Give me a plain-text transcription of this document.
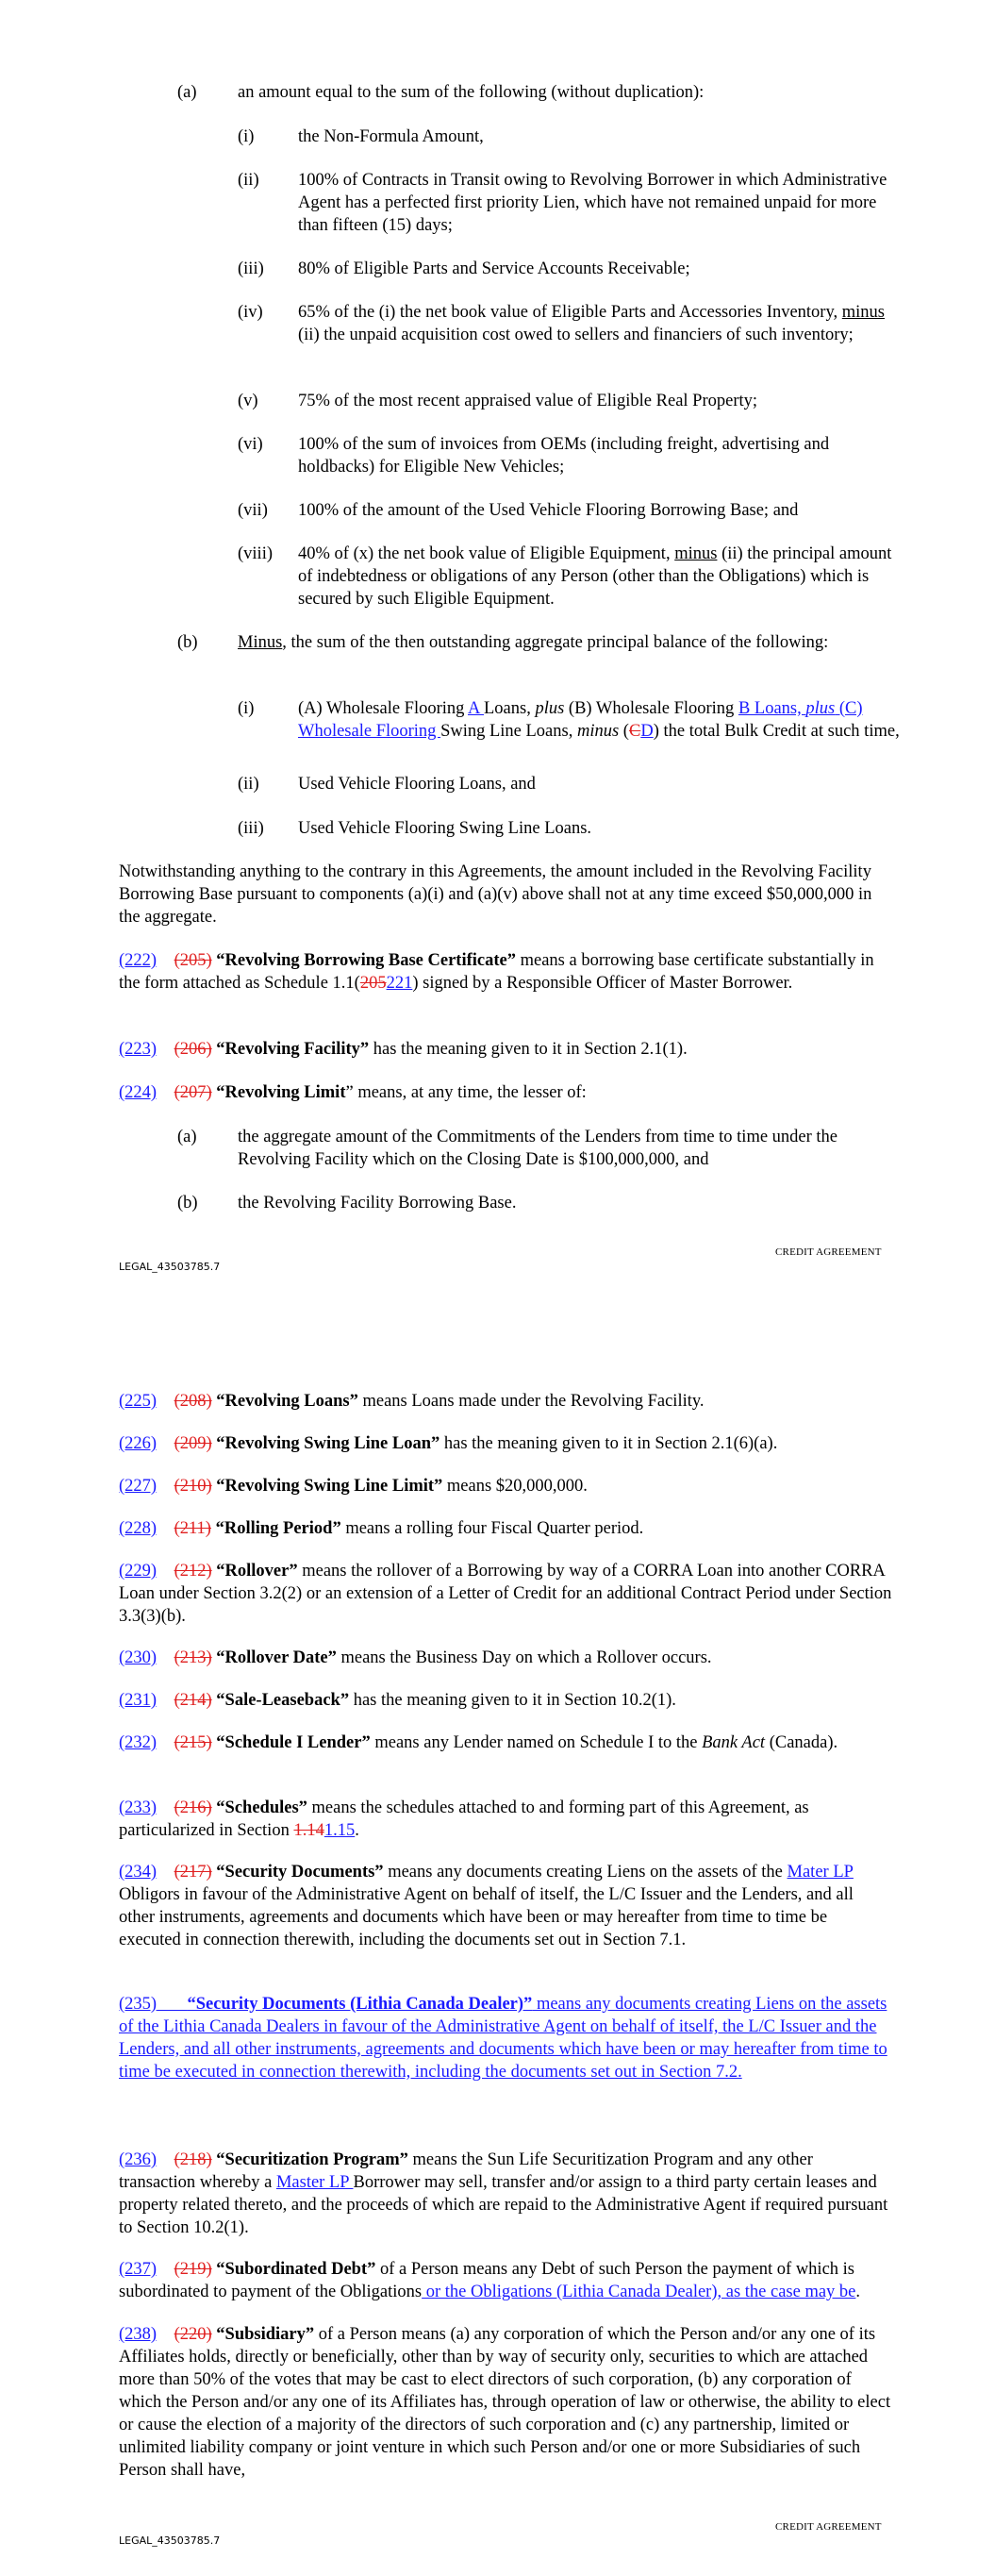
(a) an amount equal to the sum of the following (without duplication):
(i)	the Non-Formula Amount,
(ii) 100% of Contracts in Transit owing to Revolving Borrower in which Administrative Agent has a perfected first priority Lien, which have not remained unpaid for more than fifteen (15) days;
(iii) 80% of Eligible Parts and Service Accounts Receivable;
(iv) 65% of the (i) the net book value of Eligible Parts and Accessories Inventory, minus (ii) the unpaid acquisition cost owed to sellers and financiers of such inventory;
(v) 75% of the most recent appraised value of Eligible Real Property;
(vi) 100% of the sum of invoices from OEMs (including freight, advertising and holdbacks) for Eligible New Vehicles;
(vii) 100% of the amount of the Used Vehicle Flooring Borrowing Base; and
(viii) 40% of (x) the net book value of Eligible Equipment, minus (ii) the principal amount of indebtedness or obligations of any Person (other than the Obligations) which is secured by such Eligible Equipment.
(b) Minus, the sum of the then outstanding aggregate principal balance of the following:
(i)	(A) Wholesale Flooring A Loans, plus (B) Wholesale Flooring B Loans, plus (C) Wholesale Flooring Swing Line Loans, minus (CD) the total Bulk Credit at such time,
(ii) Used Vehicle Flooring Loans, and
(iii) Used Vehicle Flooring Swing Line Loans.
Notwithstanding anything to the contrary in this Agreements, the amount included in the Revolving Facility Borrowing Base pursuant to components (a)(i) and (a)(v) above shall not at any time exceed $50,000,000 in the aggregate.
(222) (205) “Revolving Borrowing Base Certificate” means a borrowing base certificate substantially in the form attached as Schedule 1.1(205221) signed by a Responsible Officer of Master Borrower.
(223) (206) “Revolving Facility” has the meaning given to it in Section 2.1(1).
(224) (207) “Revolving Limit” means, at any time, the lesser of:
(a) the aggregate amount of the Commitments of the Lenders from time to time under the Revolving Facility which on the Closing Date is $100,000,000, and
(b) the Revolving Facility Borrowing Base.
CREDIT AGREEMENT
LEGAL_43503785.7
(225) (208) “Revolving Loans” means Loans made under the Revolving Facility.
(226) (209) “Revolving Swing Line Loan” has the meaning given to it in Section 2.1(6)(a).
(227) (210) “Revolving Swing Line Limit” means $20,000,000.
(228) (211) “Rolling Period” means a rolling four Fiscal Quarter period.
(229) (212) “Rollover” means the rollover of a Borrowing by way of a CORRA Loan into another CORRA Loan under Section 3.2(2) or an extension of a Letter of Credit for an additional Contract Period under Section 3.3(3)(b).
(230) (213) “Rollover Date” means the Business Day on which a Rollover occurs.
(231) (214) “Sale-Leaseback” has the meaning given to it in Section 10.2(1).
(232) (215) “Schedule I Lender” means any Lender named on Schedule I to the Bank Act (Canada).
(233) (216) “Schedules” means the schedules attached to and forming part of this Agreement, as particularized in Section 1.141.15.
(234) (217) “Security Documents” means any documents creating Liens on the assets of the Mater LP Obligors in favour of the Administrative Agent on behalf of itself, the L/C Issuer and the Lenders, and all other instruments, agreements and documents which have been or may hereafter from time to time be executed in connection therewith, including the documents set out in Section 7.1.
(235) “Security Documents (Lithia Canada Dealer)” means any documents creating Liens on the assets of the Lithia Canada Dealers in favour of the Administrative Agent on behalf of itself, the L/C Issuer and the Lenders, and all other instruments, agreements and documents which have been or may hereafter from time to time be executed in connection therewith, including the documents set out in Section 7.2.
(236) (218) “Securitization Program” means the Sun Life Securitization Program and any other transaction whereby a Master LP Borrower may sell, transfer and/or assign to a third party certain leases and property related thereto, and the proceeds of which are repaid to the Administrative Agent if required pursuant to Section 10.2(1).
(237) (219) “Subordinated Debt” of a Person means any Debt of such Person the payment of which is subordinated to payment of the Obligations or the Obligations (Lithia Canada Dealer), as the case may be.
(238) (220) “Subsidiary” of a Person means (a) any corporation of which the Person and/or any one of its Affiliates holds, directly or beneficially, other than by way of security only, securities to which are attached more than 50% of the votes that may be cast to elect directors of such corporation, (b) any corporation of which the Person and/or any one of its Affiliates has, through operation of law or otherwise, the ability to elect or cause the election of a majority of the directors of such corporation and (c) any partnership, limited or unlimited liability company or joint venture in which such Person and/or one or more Subsidiaries of such Person shall have,
CREDIT AGREEMENT
LEGAL_43503785.7
